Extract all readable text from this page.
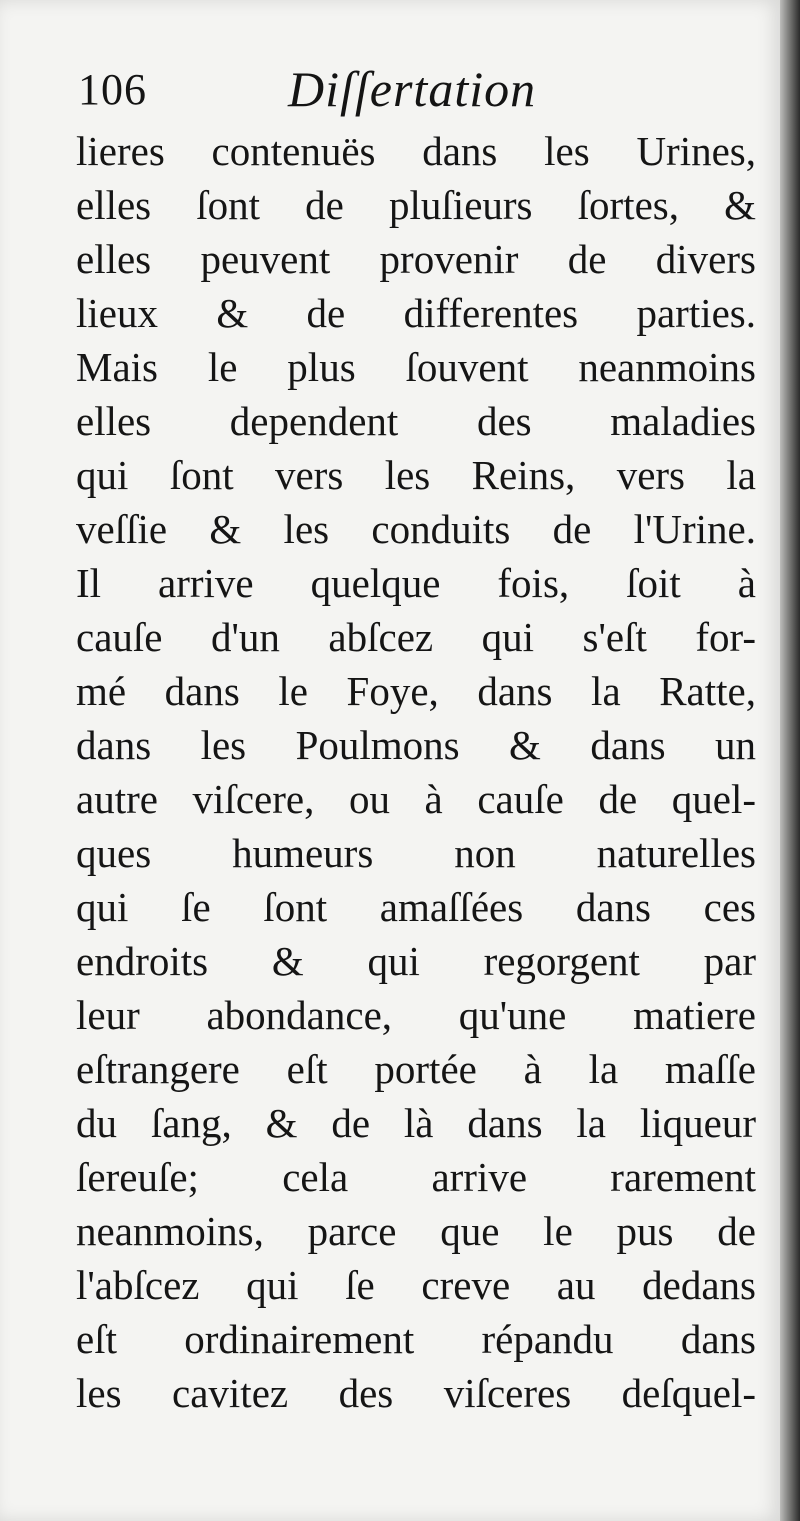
106	Diſſertation
lieres contenuës dans les Urines,
elles ſont de pluſieurs ſortes, &
elles peuvent provenir de divers
lieux & de differentes parties.
Mais le plus ſouvent neanmoins
elles dependent des maladies
qui ſont vers les Reins, vers la
veſſie & les conduits de l'Urine.
Il arrive quelque fois, ſoit à
cauſe d'un abſcez qui s'eſt for-
mé dans le Foye, dans la Ratte,
dans les Poulmons & dans un
autre viſcere, ou à cauſe de quel-
ques humeurs non naturelles
qui ſe ſont amaſſées dans ces
endroits & qui regorgent par
leur abondance, qu'une matiere
eſtrangere eſt portée à la maſſe
du ſang, & de là dans la liqueur
ſereuſe; cela arrive rarement
neanmoins, parce que le pus de
l'abſcez qui ſe creve au dedans
eſt ordinairement répandu dans
les cavitez des viſceres deſquel-
